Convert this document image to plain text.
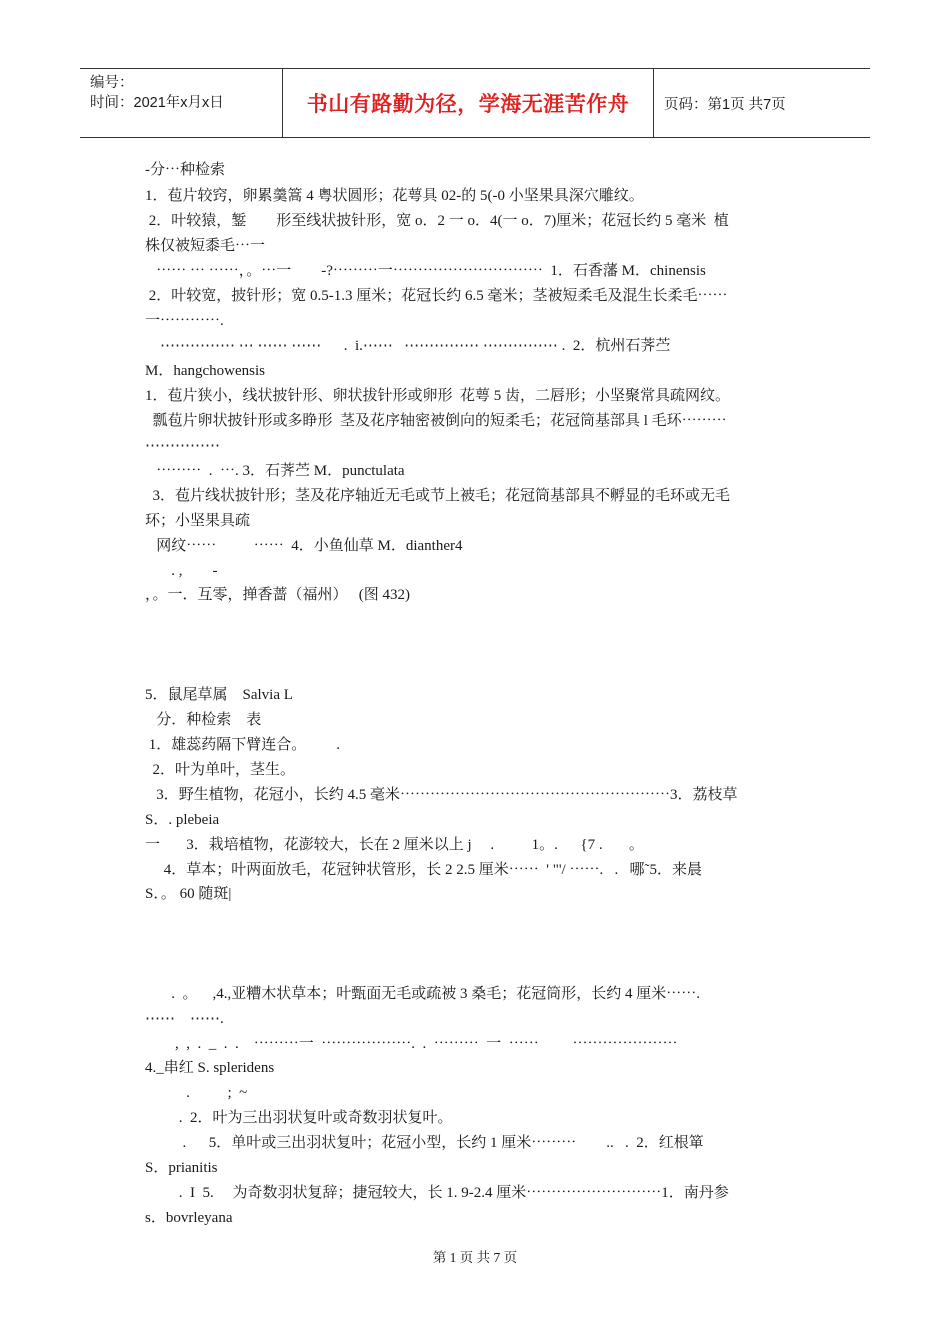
编号：
时间：2021年x月x日	书山有路勤为径，学海无涯苦作舟 页码：第1页 共7页
-分⋯种检索
1．苞片较窍，卵累羹篙 4 粤状圆形；花萼具 02-的 5(-0 小坚果具深穴雕纹。
2．叶较猿，錾　　形至线状披针形，宽 o．2 一 o．4(一 o．7)厘米；花冠长约 5 毫米  植
株仅被短黍毛⋯一
⋯⋯ ⋯ ⋯⋯，。⋯一　　-?⋯⋯⋯一⋯⋯⋯⋯⋯⋯⋯⋯⋯⋯  1．石香藩 M．chinensis
2．叶较宽，披针形；宽 0.5-1.3 厘米；花冠长约 6.5 毫米；茎被短柔毛及混生长柔毛⋯⋯
一⋯⋯⋯⋯.
⋯⋯⋯⋯⋯ ⋯ ⋯⋯ ⋯⋯      .  i.⋯⋯   ⋯⋯⋯⋯⋯ ⋯⋯⋯⋯⋯ .  2．杭州石荠苎
M．hangchowensis
1．苞片狭小，线状披针形、卵状拔针形或卵形  花萼 5 齿，二唇形；小坚聚常具疏网纹。
瓢苞片卵状披针形或多睁形  茎及花序轴密被倒向的短柔毛；花冠筒基部具 l 毛环⋯⋯⋯
⋯⋯⋯⋯⋯
⋯⋯⋯  .  ⋯. 3．石荠苎 M．punctulata
3．苞片线状披针形；茎及花序轴近无毛或节上被毛；花冠筒基部具不孵显的毛环或无毛
环；小坚果具疏
网纹⋯⋯          ⋯⋯  4．小鱼仙草 M．dianther4
. ,        -
，。一．互零，掸香蔷（福州）   (图 432)
5．鼠尾草属    Salvia L
分．种检索    表
1．雄蕊药隔下臂连合。        .
2．叶为单叶，茎生。
3．野生植物，花冠小，长约 4.5 毫米⋯⋯⋯⋯⋯⋯⋯⋯⋯⋯⋯⋯⋯⋯⋯⋯⋯⋯3．荔枝草
S．. plebeia
一       3．栽培植物，花澎较大，长在 2 厘米以上 j     .          1。.      {7 .       。
4．草本；叶两面放毛，花冠钟状管形，长 2 2.5 厘米⋯⋯  ' "'/ ⋯⋯.   .   哪˜5．来晨
S．。 60 随斑|
.  。    ,4.,亚糟木状草本；叶甄面无毛或疏被 3 桑毛；花冠筒形，长约 4 厘米⋯⋯.
⋯⋯    ⋯⋯.
,  ,  .  _  .  .    ⋯⋯⋯一  ⋯⋯⋯⋯⋯⋯.  .  ⋯⋯⋯  一  ⋯⋯         ⋯⋯⋯⋯⋯⋯⋯
4._串红 S. spleridens
.          ;  ~
.  2．叶为三出羽状复叶或奇数羽状复叶。
.      5．单叶或三出羽状复叶；花冠小型，长约 1 厘米⋯⋯⋯        ..   .  2．红根箪
S．prianitis
.  I  5.     为奇数羽状复辞；捷冠较大，长 1. 9-2.4 厘米⋯⋯⋯⋯⋯⋯⋯⋯⋯1．南丹参
s．bovrleyana
第 1 页 共 7 页
